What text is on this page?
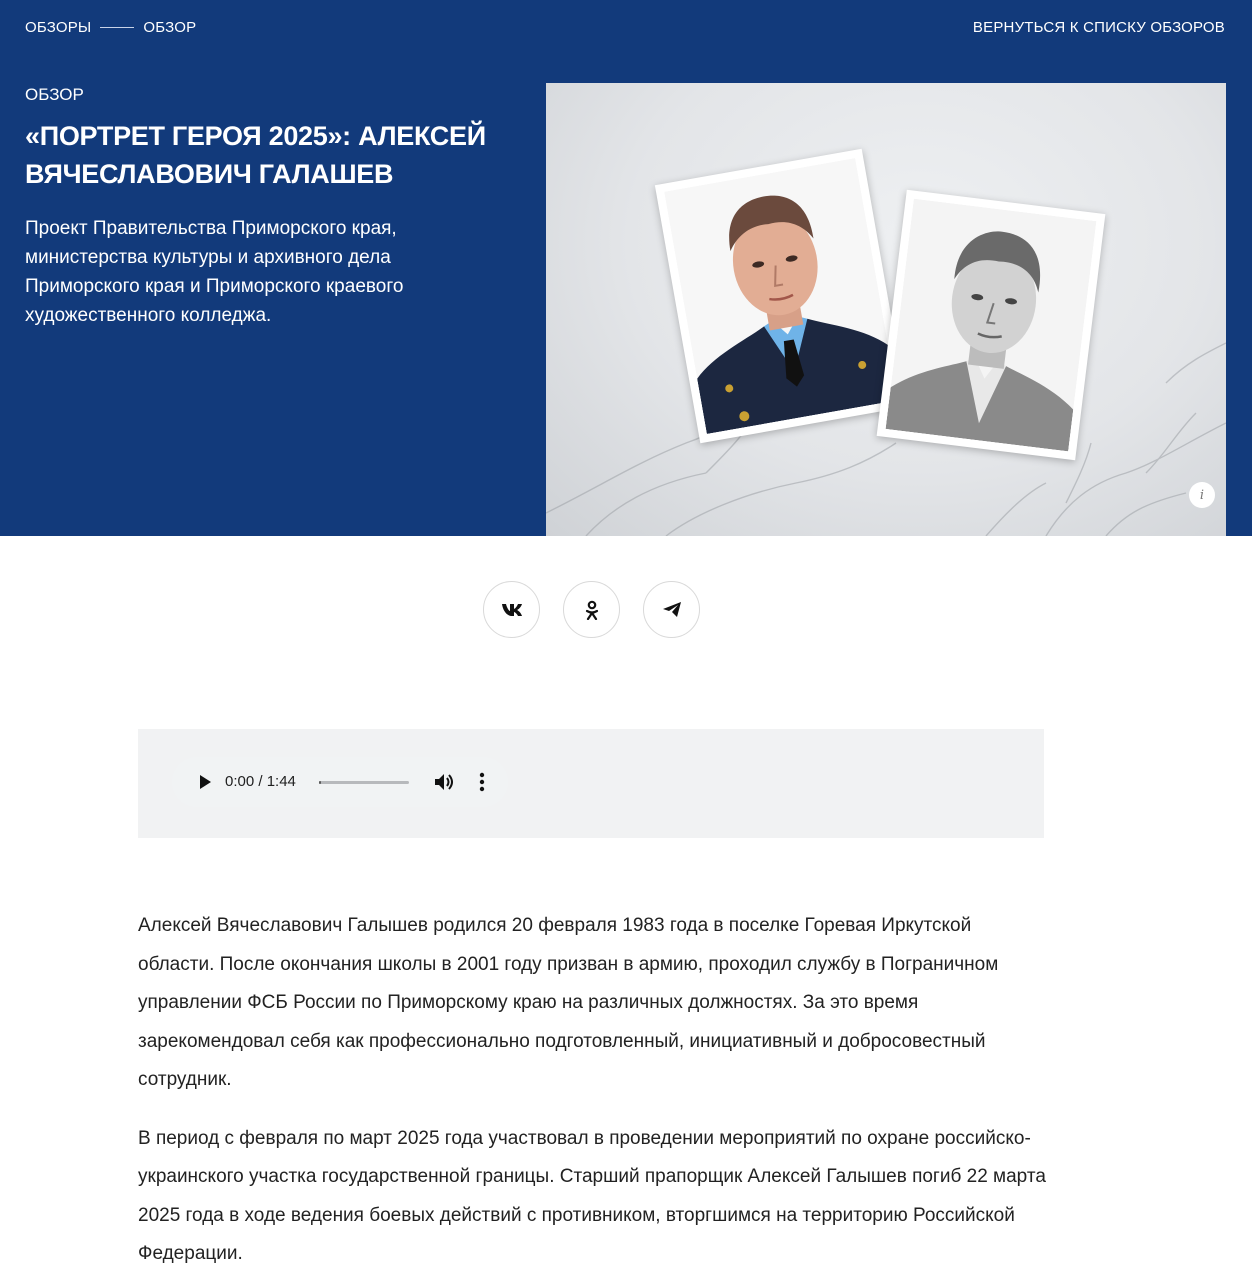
ОБЗОРЫ	ОБЗОР	ВЕРНУТЬСЯ К СПИСКУ ОБЗОРОВ
ОБЗОР
«ПОРТРЕТ ГЕРОЯ 2025»: АЛЕКСЕЙ ВЯЧЕСЛАВОВИЧ ГАЛАШЕВ

Проект Правительства Приморского края, министерства культуры и архивного дела Приморского края и Приморского краевого художественного колледжа.

i
0:00 / 1:44

Алексей Вячеславович Галышев родился 20 февраля 1983 года в поселке Горевая Иркутской области. После окончания школы в 2001 году призван в армию, проходил службу в Пограничном управлении ФСБ России по Приморскому краю на различных должностях. За это время зарекомендовал себя как профессионально подготовленный, инициативный и добросовестный сотрудник.

В период с февраля по март 2025 года участвовал в проведении мероприятий по охране российско-украинского участка государственной границы. Старший прапорщик Алексей Галышев погиб 22 марта 2025 года в ходе ведения боевых действий с противником, вторгшимся на территорию Российской Федерации.
